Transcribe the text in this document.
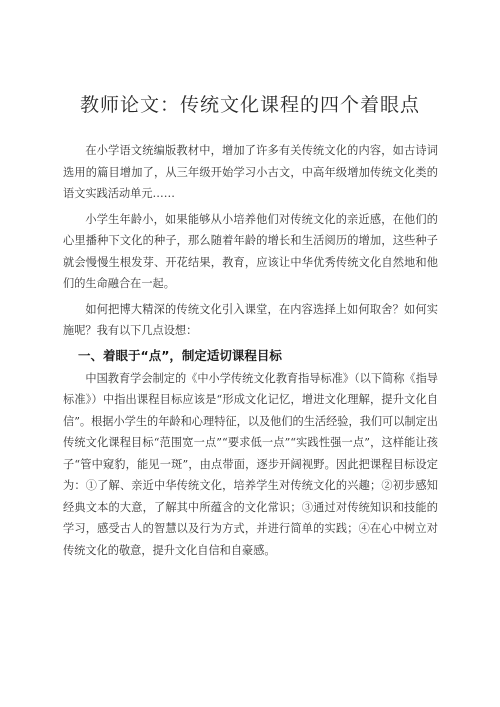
教师论文：传统文化课程的四个着眼点

在小学语文统编版教材中，增加了许多有关传统文化的内容，如古诗词选用的篇目增加了，从三年级开始学习小古文，中高年级增加传统文化类的语文实践活动单元……

小学生年龄小，如果能够从小培养他们对传统文化的亲近感，在他们的心里播种下文化的种子，那么随着年龄的增长和生活阅历的增加，这些种子就会慢慢生根发芽、开花结果，教育，应该让中华优秀传统文化自然地和他们的生命融合在一起。

如何把博大精深的传统文化引入课堂，在内容选择上如何取舍？如何实施呢？我有以下几点设想：

一、着眼于“点”，制定适切课程目标

中国教育学会制定的《中小学传统文化教育指导标准》（以下简称《指导标准》）中指出课程目标应该是“形成文化记忆，增进文化理解，提升文化自信”。根据小学生的年龄和心理特征，以及他们的生活经验，我们可以制定出传统文化课程目标“范围宽一点”“要求低一点”“实践性强一点”，这样能让孩子“管中窥豹，能见一斑”，由点带面，逐步开阔视野。因此把课程目标设定为：①了解、亲近中华传统文化，培养学生对传统文化的兴趣；②初步感知经典文本的大意，了解其中所蕴含的文化常识；③通过对传统知识和技能的学习，感受古人的智慧以及行为方式，并进行简单的实践；④在心中树立对传统文化的敬意，提升文化自信和自豪感。
